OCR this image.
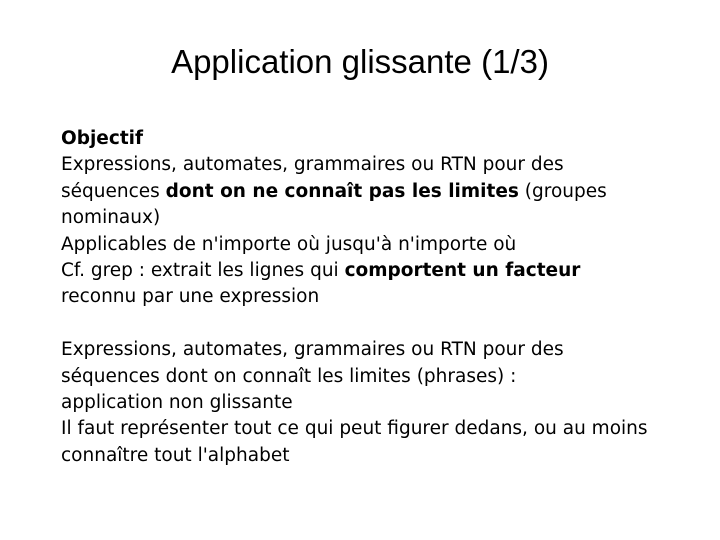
Application glissante (1/3)
Objectif
Expressions, automates, grammaires ou RTN pour des
séquences dont on ne connaît pas les limites (groupes
nominaux)
Applicables de n'importe où jusqu'à n'importe où
Cf. grep : extrait les lignes qui comportent un facteur
reconnu par une expression
Expressions, automates, grammaires ou RTN pour des
séquences dont on connaît les limites (phrases) :
application non glissante
Il faut représenter tout ce qui peut figurer dedans, ou au moins
connaître tout l'alphabet
